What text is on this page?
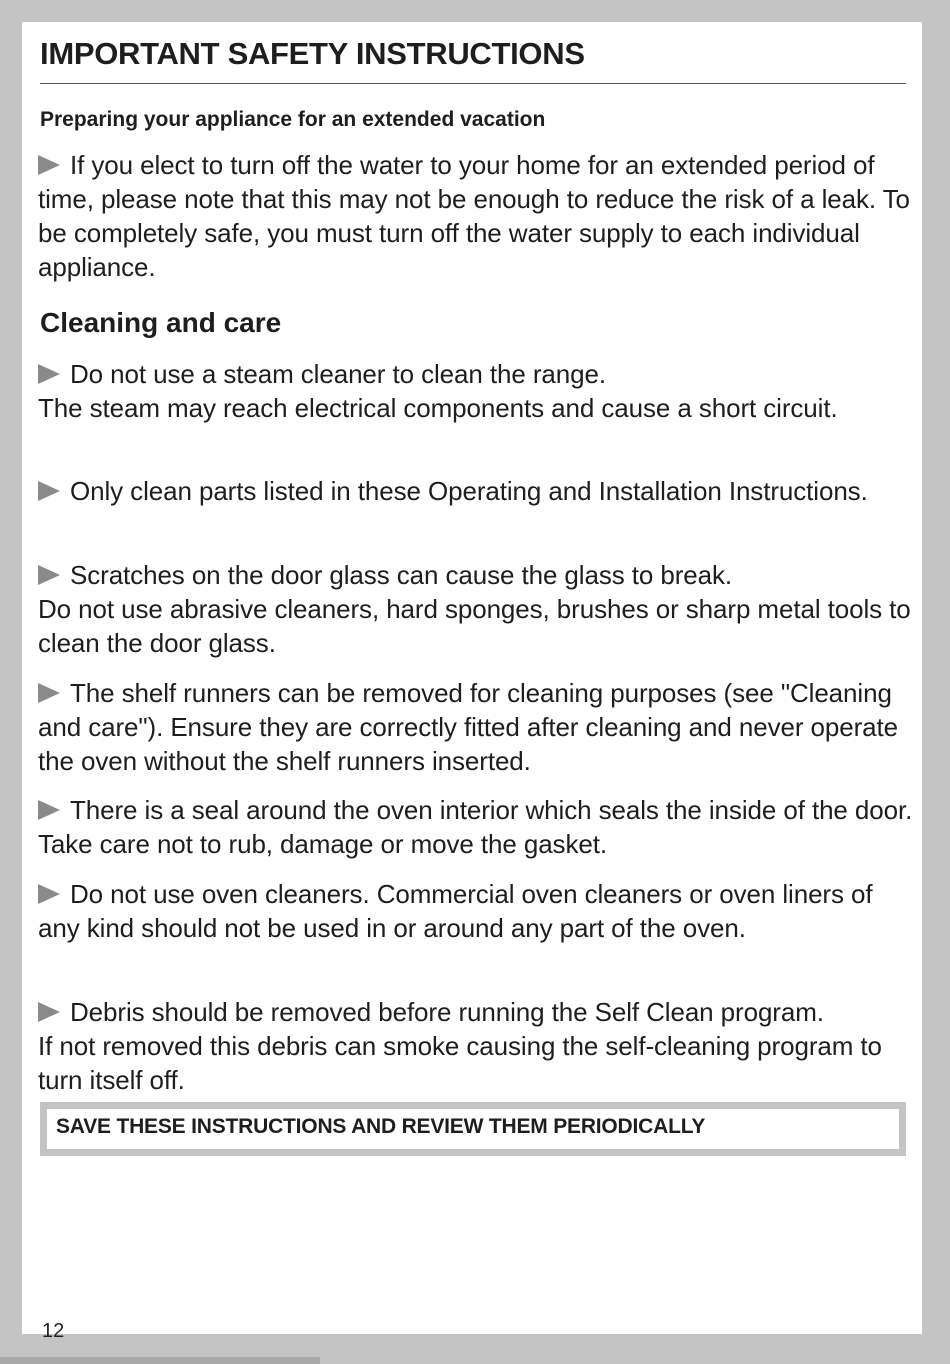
IMPORTANT SAFETY INSTRUCTIONS
Preparing your appliance for an extended vacation

If you elect to turn off the water to your home for an extended period of time, please note that this may not be enough to reduce the risk of a leak. To be completely safe, you must turn off the water supply to each individual appliance.

Cleaning and care

Do not use a steam cleaner to clean the range.
The steam may reach electrical components and cause a short circuit.

Only clean parts listed in these Operating and Installation Instructions.

Scratches on the door glass can cause the glass to break.
Do not use abrasive cleaners, hard sponges, brushes or sharp metal tools to clean the door glass.

The shelf runners can be removed for cleaning purposes (see "Cleaning and care"). Ensure they are correctly fitted after cleaning and never operate the oven without the shelf runners inserted.

There is a seal around the oven interior which seals the inside of the door. Take care not to rub, damage or move the gasket.

Do not use oven cleaners. Commercial oven cleaners or oven liners of any kind should not be used in or around any part of the oven.

Debris should be removed before running the Self Clean program.
If not removed this debris can smoke causing the self-cleaning program to turn itself off.

SAVE THESE INSTRUCTIONS AND REVIEW THEM PERIODICALLY
12
